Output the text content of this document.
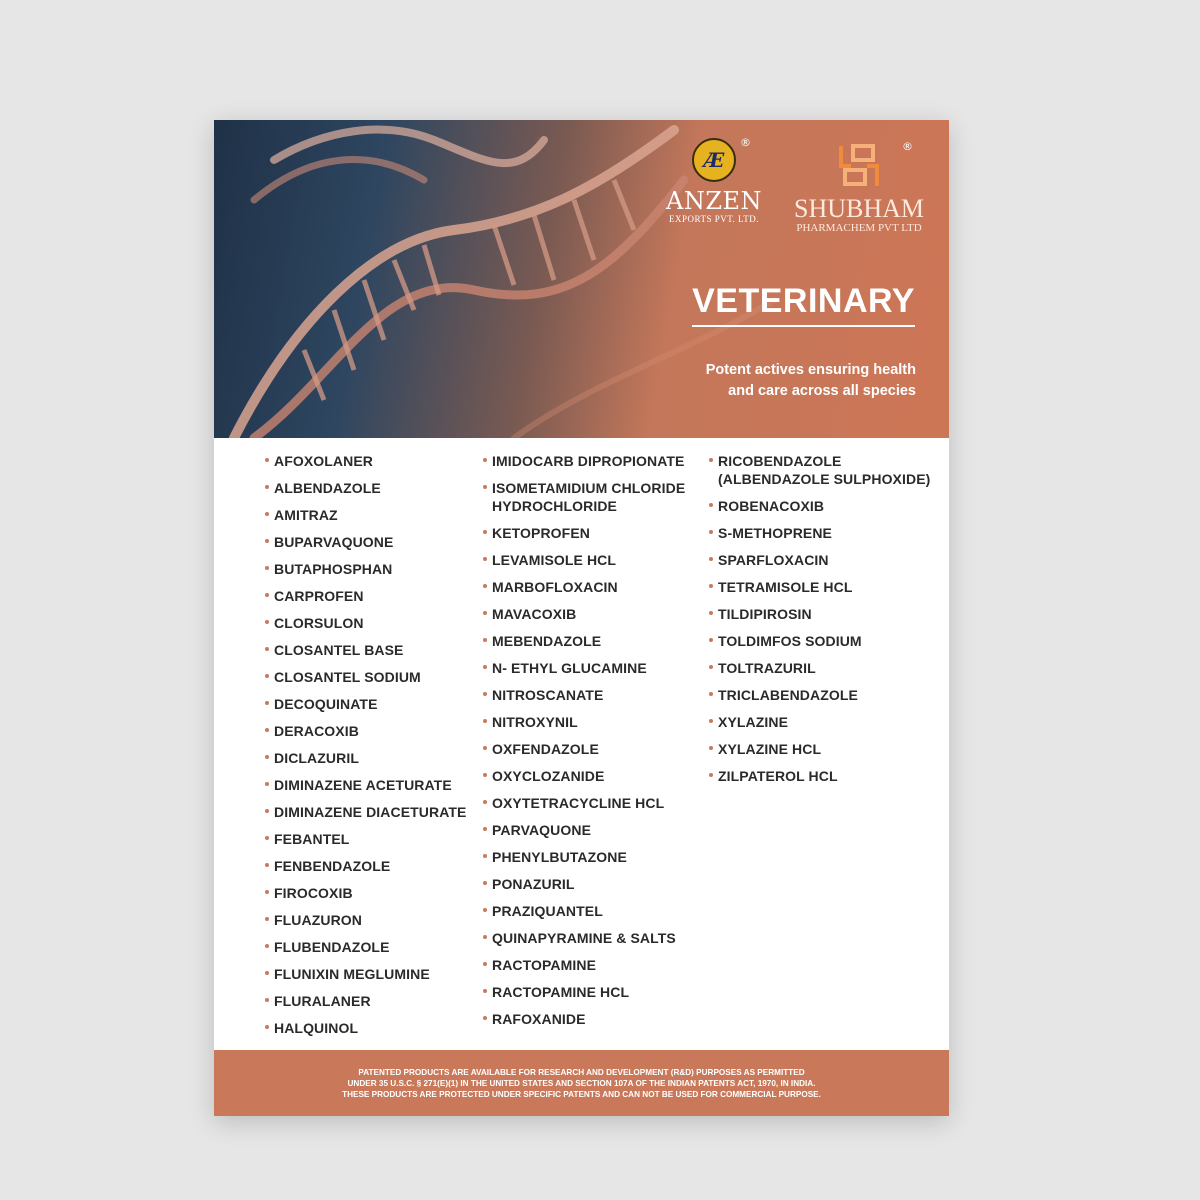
Æ
®
ANZEN
EXPORTS PVT. LTD.
®
SHUBHAM
PHARMACHEM PVT LTD
VETERINARY
Potent actives ensuring health
and care across all species
AFOXOLANER
ALBENDAZOLE
AMITRAZ
BUPARVAQUONE
BUTAPHOSPHAN
CARPROFEN
CLORSULON
CLOSANTEL BASE
CLOSANTEL SODIUM
DECOQUINATE
DERACOXIB
DICLAZURIL
DIMINAZENE ACETURATE
DIMINAZENE DIACETURATE
FEBANTEL
FENBENDAZOLE
FIROCOXIB
FLUAZURON
FLUBENDAZOLE
FLUNIXIN MEGLUMINE
FLURALANER
HALQUINOL
IMIDOCARB DIPROPIONATE
ISOMETAMIDIUM CHLORIDE
HYDROCHLORIDE
KETOPROFEN
LEVAMISOLE HCL
MARBOFLOXACIN
MAVACOXIB
MEBENDAZOLE
N- ETHYL GLUCAMINE
NITROSCANATE
NITROXYNIL
OXFENDAZOLE
OXYCLOZANIDE
OXYTETRACYCLINE HCL
PARVAQUONE
PHENYLBUTAZONE
PONAZURIL
PRAZIQUANTEL
QUINAPYRAMINE & SALTS
RACTOPAMINE
RACTOPAMINE HCL
RAFOXANIDE
RICOBENDAZOLE
(ALBENDAZOLE SULPHOXIDE)
ROBENACOXIB
S-METHOPRENE
SPARFLOXACIN
TETRAMISOLE HCL
TILDIPIROSIN
TOLDIMFOS SODIUM
TOLTRAZURIL
TRICLABENDAZOLE
XYLAZINE
XYLAZINE HCL
ZILPATEROL HCL
PATENTED PRODUCTS ARE AVAILABLE FOR RESEARCH AND DEVELOPMENT (R&D) PURPOSES AS PERMITTED
UNDER 35 U.S.C. § 271(E)(1) IN THE UNITED STATES AND SECTION 107A OF THE INDIAN PATENTS ACT, 1970, IN INDIA.
THESE PRODUCTS ARE PROTECTED UNDER SPECIFIC PATENTS AND CAN NOT BE USED FOR COMMERCIAL PURPOSE.
